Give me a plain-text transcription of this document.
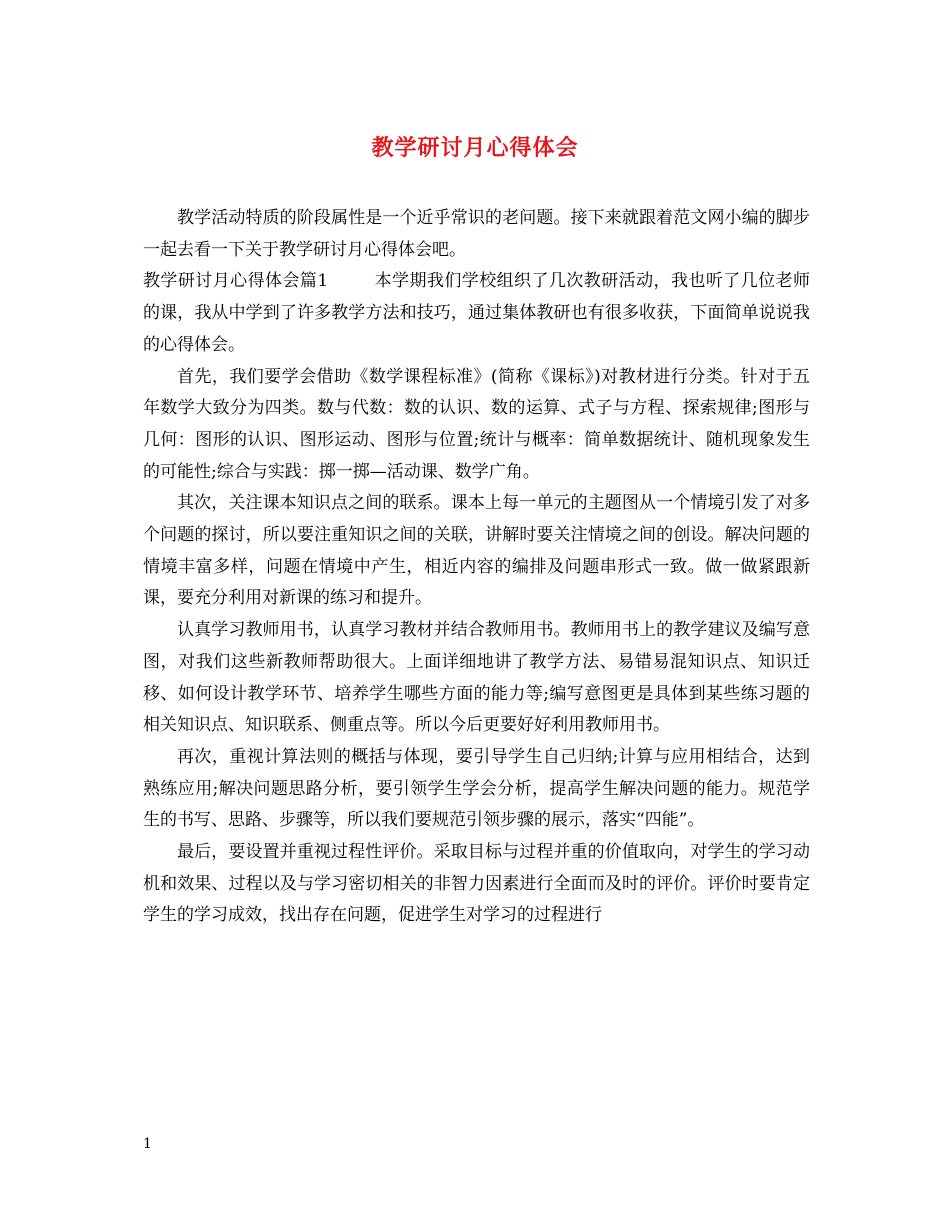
教学研讨月心得体会

教学活动特质的阶段属性是一个近乎常识的老问题。接下来就跟着范文网小编的脚步一起去看一下关于教学研讨月心得体会吧。

教学研讨月心得体会篇1	本学期我们学校组织了几次教研活动，我也听了几位老师的课，我从中学到了许多教学方法和技巧，通过集体教研也有很多收获，下面简单说说我的心得体会。

首先，我们要学会借助《数学课程标准》(简称《课标》)对教材进行分类。针对于五年数学大致分为四类。数与代数：数的认识、数的运算、式子与方程、探索规律;图形与几何：图形的认识、图形运动、图形与位置;统计与概率：简单数据统计、随机现象发生的可能性;综合与实践：掷一掷—活动课、数学广角。

其次，关注课本知识点之间的联系。课本上每一单元的主题图从一个情境引发了对多个问题的探讨，所以要注重知识之间的关联，讲解时要关注情境之间的创设。解决问题的情境丰富多样，问题在情境中产生，相近内容的编排及问题串形式一致。做一做紧跟新课，要充分利用对新课的练习和提升。

认真学习教师用书，认真学习教材并结合教师用书。教师用书上的教学建议及编写意图，对我们这些新教师帮助很大。上面详细地讲了教学方法、易错易混知识点、知识迁移、如何设计教学环节、培养学生哪些方面的能力等;编写意图更是具体到某些练习题的相关知识点、知识联系、侧重点等。所以今后更要好好利用教师用书。

再次，重视计算法则的概括与体现，要引导学生自己归纳;计算与应用相结合，达到熟练应用;解决问题思路分析，要引领学生学会分析，提高学生解决问题的能力。规范学生的书写、思路、步骤等，所以我们要规范引领步骤的展示，落实“四能”。

最后，要设置并重视过程性评价。采取目标与过程并重的价值取向，对学生的学习动机和效果、过程以及与学习密切相关的非智力因素进行全面而及时的评价。评价时要肯定学生的学习成效，找出存在问题，促进学生对学习的过程进行

1
